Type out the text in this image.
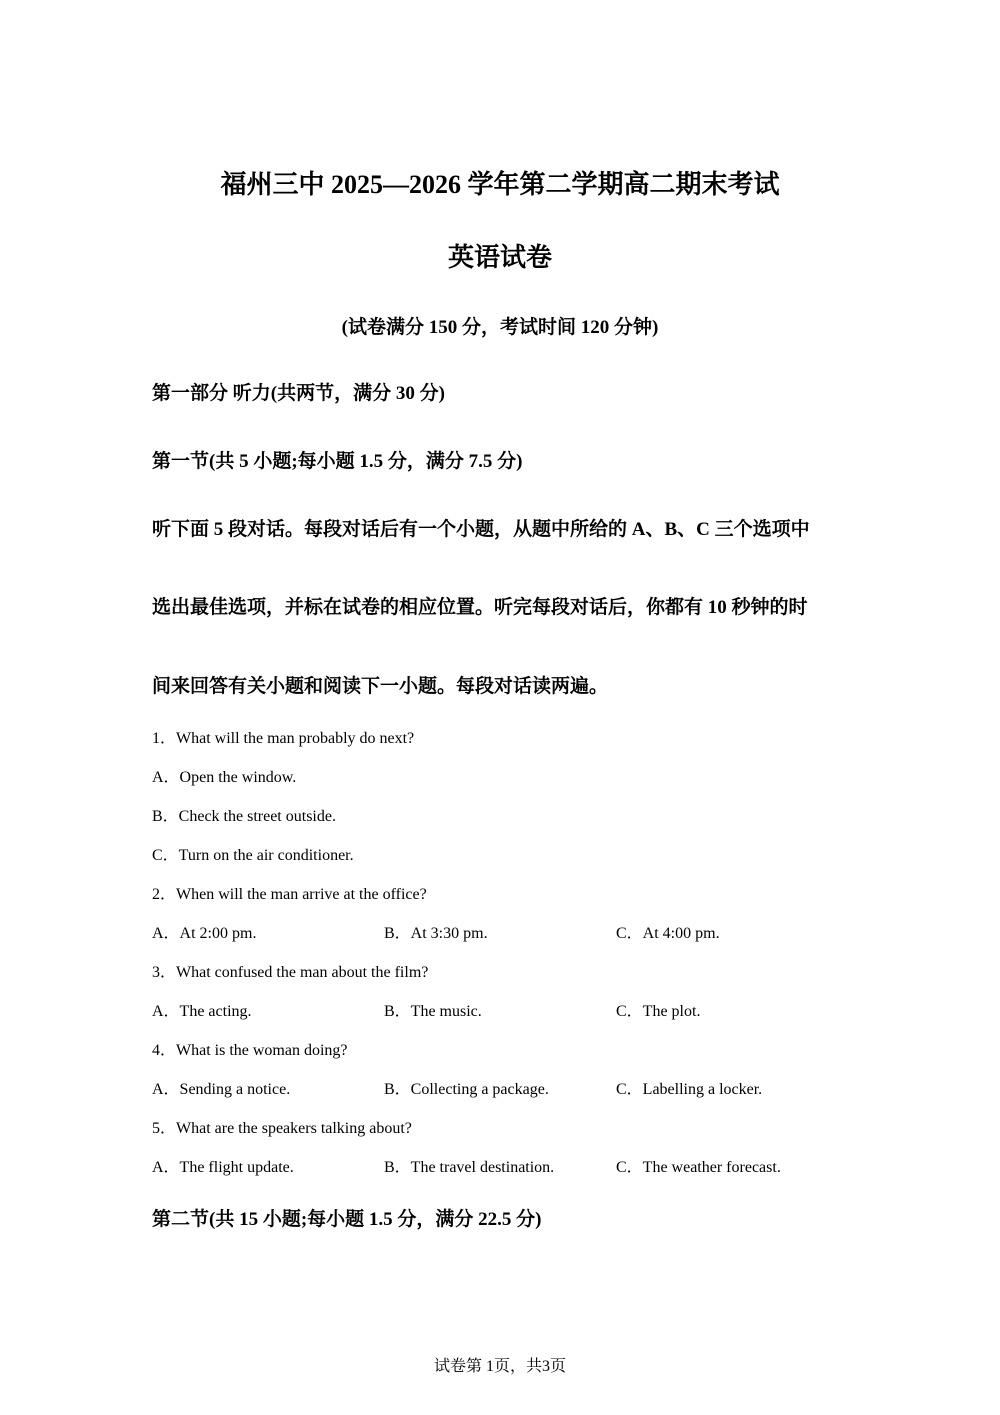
福州三中 2025—2026 学年第二学期高二期末考试
英语试卷
(试卷满分 150 分，考试时间 120 分钟)
第一部分 听力(共两节，满分 30 分)
第一节(共 5 小题;每小题 1.5 分，满分 7.5 分)
听下面 5 段对话。每段对话后有一个小题，从题中所给的 A、B、C 三个选项中
选出最佳选项，并标在试卷的相应位置。听完每段对话后，你都有 10 秒钟的时
间来回答有关小题和阅读下一小题。每段对话读两遍。
1．What will the man probably do next?
A．Open the window.
B．Check the street outside.
C．Turn on the air conditioner.
2．When will the man arrive at the office?
A．At 2:00 pm.	B．At 3:30 pm.	C．At 4:00 pm.
3．What confused the man about the film?
A．The acting.	B．The music.	C．The plot.
4．What is the woman doing?
A．Sending a notice.	B．Collecting a package.	C．Labelling a locker.
5．What are the speakers talking about?
A．The flight update.	B．The travel destination.	C．The weather forecast.
第二节(共 15 小题;每小题 1.5 分，满分 22.5 分)
试卷第 1页，共3页
